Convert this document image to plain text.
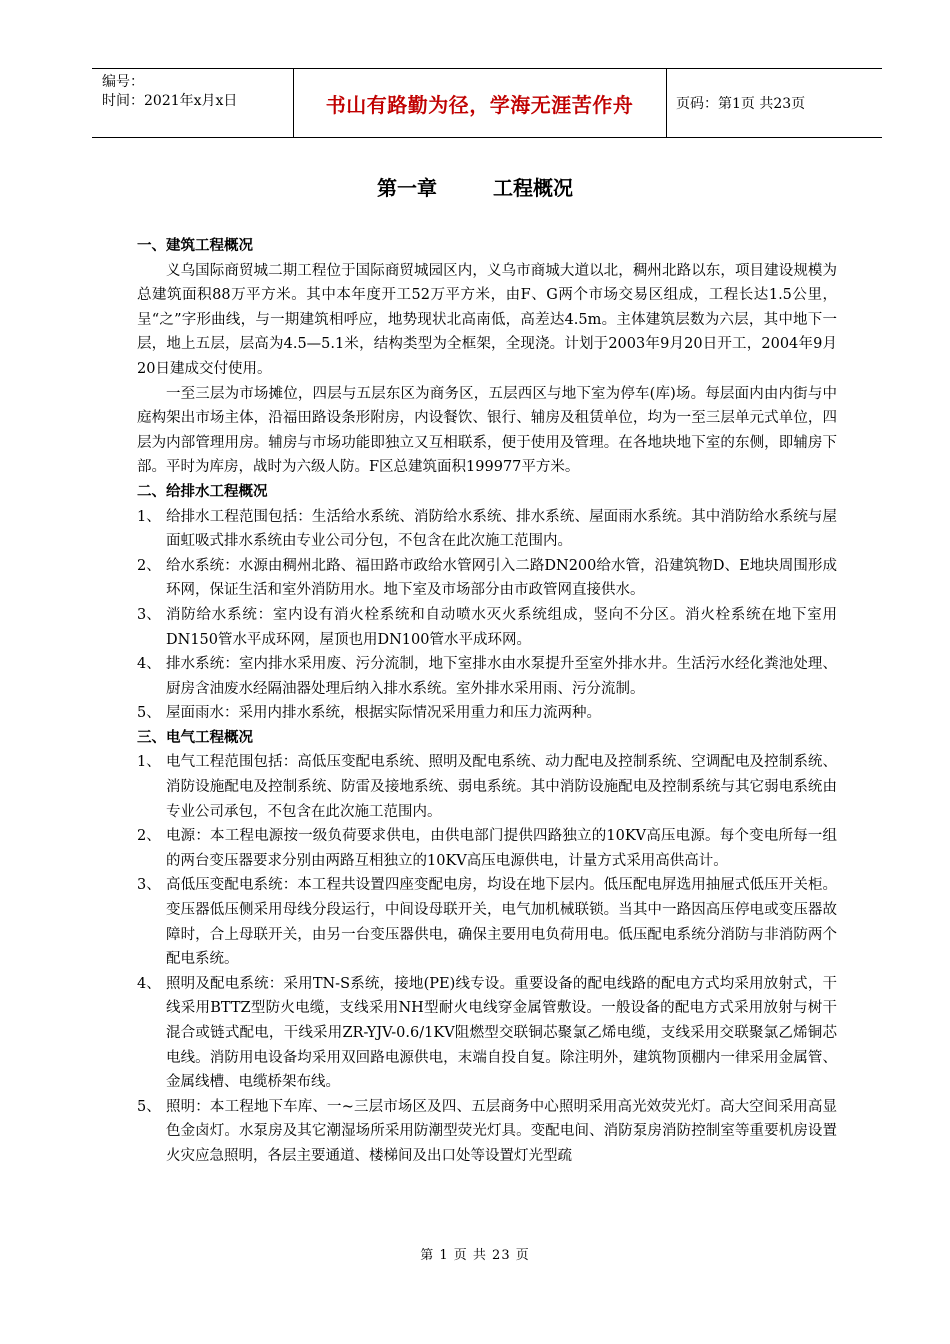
编号：
时间：2021年x月x日	书山有路勤为径，学海无涯苦作舟	页码：第1页 共23页
第一章	工程概况
一、建筑工程概况
义乌国际商贸城二期工程位于国际商贸城园区内，义乌市商城大道以北，稠州北路以东，项目建设规模为总建筑面积88万平方米。其中本年度开工52万平方米，由F、G两个市场交易区组成，工程长达1.5公里，呈“之”字形曲线，与一期建筑相呼应，地势现状北高南低，高差达4.5m。主体建筑层数为六层，其中地下一层，地上五层，层高为4.5—5.1米，结构类型为全框架，全现浇。计划于2003年9月20日开工，2004年9月20日建成交付使用。
一至三层为市场摊位，四层与五层东区为商务区，五层西区与地下室为停车(库)场。每层面内由内街与中庭构架出市场主体，沿福田路设条形附房，内设餐饮、银行、辅房及租赁单位，均为一至三层单元式单位，四层为内部管理用房。辅房与市场功能即独立又互相联系，便于使用及管理。在各地块地下室的东侧，即辅房下部。平时为库房，战时为六级人防。F区总建筑面积199977平方米。
二、给排水工程概况
1、 给排水工程范围包括：生活给水系统、消防给水系统、排水系统、屋面雨水系统。其中消防给水系统与屋面虹吸式排水系统由专业公司分包，不包含在此次施工范围内。
2、 给水系统：水源由稠州北路、福田路市政给水管网引入二路DN200给水管，沿建筑物D、E地块周围形成环网，保证生活和室外消防用水。地下室及市场部分由市政管网直接供水。
3、 消防给水系统：室内设有消火栓系统和自动喷水灭火系统组成，竖向不分区。消火栓系统在地下室用DN150管水平成环网，屋顶也用DN100管水平成环网。
4、 排水系统：室内排水采用废、污分流制，地下室排水由水泵提升至室外排水井。生活污水经化粪池处理、厨房含油废水经隔油器处理后纳入排水系统。室外排水采用雨、污分流制。
5、 屋面雨水：采用内排水系统，根据实际情况采用重力和压力流两种。
三、电气工程概况
1、 电气工程范围包括：高低压变配电系统、照明及配电系统、动力配电及控制系统、空调配电及控制系统、消防设施配电及控制系统、防雷及接地系统、弱电系统。其中消防设施配电及控制系统与其它弱电系统由专业公司承包，不包含在此次施工范围内。
2、 电源：本工程电源按一级负荷要求供电，由供电部门提供四路独立的10KV高压电源。每个变电所每一组的两台变压器要求分别由两路互相独立的10KV高压电源供电，计量方式采用高供高计。
3、 高低压变配电系统：本工程共设置四座变配电房，均设在地下层内。低压配电屏选用抽屉式低压开关柜。变压器低压侧采用母线分段运行，中间设母联开关，电气加机械联锁。当其中一路因高压停电或变压器故障时，合上母联开关，由另一台变压器供电，确保主要用电负荷用电。低压配电系统分消防与非消防两个配电系统。
4、 照明及配电系统：采用TN-S系统，接地(PE)线专设。重要设备的配电线路的配电方式均采用放射式，干线采用BTTZ型防火电缆，支线采用NH型耐火电线穿金属管敷设。一般设备的配电方式采用放射与树干混合或链式配电，干线采用ZR-YJV-0.6/1KV阻燃型交联铜芯聚氯乙烯电缆，支线采用交联聚氯乙烯铜芯电线。消防用电设备均采用双回路电源供电，末端自投自复。除注明外，建筑物顶棚内一律采用金属管、金属线槽、电缆桥架布线。
5、 照明：本工程地下车库、一~三层市场区及四、五层商务中心照明采用高光效荧光灯。高大空间采用高显色金卤灯。水泵房及其它潮湿场所采用防潮型荧光灯具。变配电间、消防泵房消防控制室等重要机房设置火灾应急照明，各层主要通道、楼梯间及出口处等设置灯光型疏
第 1 页 共 23 页
